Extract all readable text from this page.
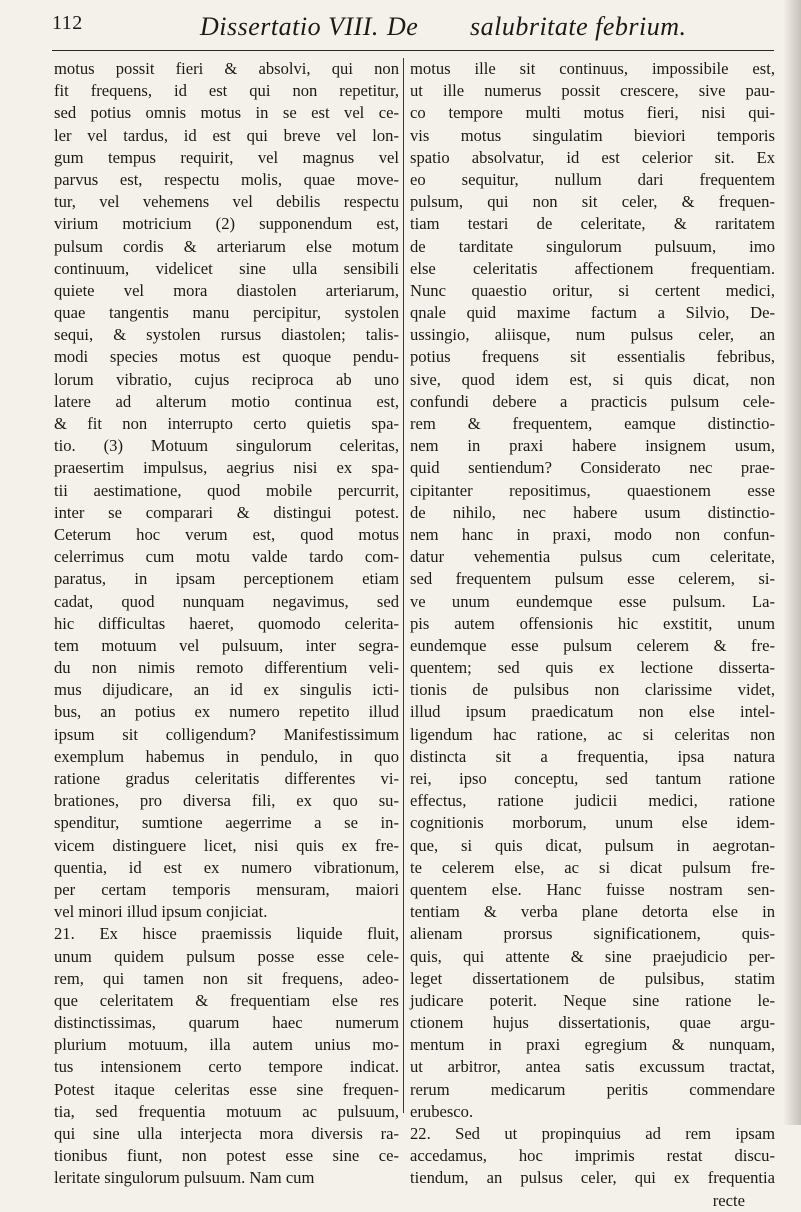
112	Dissertatio VIII. De salubritate febrium.
motus possit fieri & absolvi, qui non
fit frequens, id est qui non repetitur,
sed potius omnis motus in se est vel ce-
ler vel tardus, id est qui breve vel lon-
gum tempus requirit, vel magnus vel
parvus est, respectu molis, quae move-
tur, vel vehemens vel debilis respectu
virium motricium (2) supponendum est,
pulsum cordis & arteriarum else motum
continuum, videlicet sine ulla sensibili
quiete vel mora diastolen arteriarum,
quae tangentis manu percipitur, systolen
sequi, & systolen rursus diastolen; talis-
modi species motus est quoque pendu-
lorum vibratio, cujus reciproca ab uno
latere ad alterum motio continua est,
& fit non interrupto certo quietis spa-
tio. (3) Motuum singulorum celeritas,
praesertim impulsus, aegrius nisi ex spa-
tii aestimatione, quod mobile percurrit,
inter se comparari & distingui potest.
Ceterum hoc verum est, quod motus
celerrimus cum motu valde tardo com-
paratus, in ipsam perceptionem etiam
cadat, quod nunquam negavimus, sed
hic difficultas haeret, quomodo celerita-
tem motuum vel pulsuum, inter segra-
du non nimis remoto differentium veli-
mus dijudicare, an id ex singulis icti-
bus, an potius ex numero repetito illud
ipsum sit colligendum? Manifestissimum
exemplum habemus in pendulo, in quo
ratione gradus celeritatis differentes vi-
brationes, pro diversa fili, ex quo su-
spenditur, sumtione aegerrime a se in-
vicem distinguere licet, nisi quis ex fre-
quentia, id est ex numero vibrationum,
per certam temporis mensuram, maiori
vel minori illud ipsum conjiciat.
21. Ex hisce praemissis liquide fluit,
unum quidem pulsum posse esse cele-
rem, qui tamen non sit frequens, adeo-
que celeritatem & frequentiam else res
distinctissimas, quarum haec numerum
plurium motuum, illa autem unius mo-
tus intensionem certo tempore indicat.
Potest itaque celeritas esse sine frequen-
tia, sed frequentia motuum ac pulsuum,
qui sine ulla interjecta mora diversis ra-
tionibus fiunt, non potest esse sine ce-
leritate singulorum pulsuum. Nam cum
motus ille sit continuus, impossibile est,
ut ille numerus possit crescere, sive pau-
co tempore multi motus fieri, nisi qui-
vis motus singulatim bieviori temporis
spatio absolvatur, id est celerior sit. Ex
eo sequitur, nullum dari frequentem
pulsum, qui non sit celer, & frequen-
tiam testari de celeritate, & raritatem
de tarditate singulorum pulsuum, imo
else celeritatis affectionem frequentiam.
Nunc quaestio oritur, si certent medici,
qnale quid maxime factum a Silvio, De-
ussingio, aliisque, num pulsus celer, an
potius frequens sit essentialis febribus,
sive, quod idem est, si quis dicat, non
confundi debere a practicis pulsum cele-
rem & frequentem, eamque distinctio-
nem in praxi habere insignem usum,
quid sentiendum? Considerato nec prae-
cipitanter repositimus, quaestionem esse
de nihilo, nec habere usum distinctio-
nem hanc in praxi, modo non confun-
datur vehementia pulsus cum celeritate,
sed frequentem pulsum esse celerem, si-
ve unum eundemque esse pulsum. La-
pis autem offensionis hic exstitit, unum
eundemque esse pulsum celerem & fre-
quentem; sed quis ex lectione disserta-
tionis de pulsibus non clarissime videt,
illud ipsum praedicatum non else intel-
ligendum hac ratione, ac si celeritas non
distincta sit a frequentia, ipsa natura
rei, ipso conceptu, sed tantum ratione
effectus, ratione judicii medici, ratione
cognitionis morborum, unum else idem-
que, si quis dicat, pulsum in aegrotan-
te celerem else, ac si dicat pulsum fre-
quentem else. Hanc fuisse nostram sen-
tentiam & verba plane detorta else in
alienam prorsus significationem, quis-
quis, qui attente & sine praejudicio per-
leget dissertationem de pulsibus, statim
judicare poterit. Neque sine ratione le-
ctionem hujus dissertationis, quae argu-
mentum in praxi egregium & nunquam,
ut arbitror, antea satis excussum tractat,
rerum medicarum peritis commendare
erubesco.
22. Sed ut propinquius ad rem ipsam
accedamus, hoc imprimis restat discu-
tiendum, an pulsus celer, qui ex frequentia
recte
